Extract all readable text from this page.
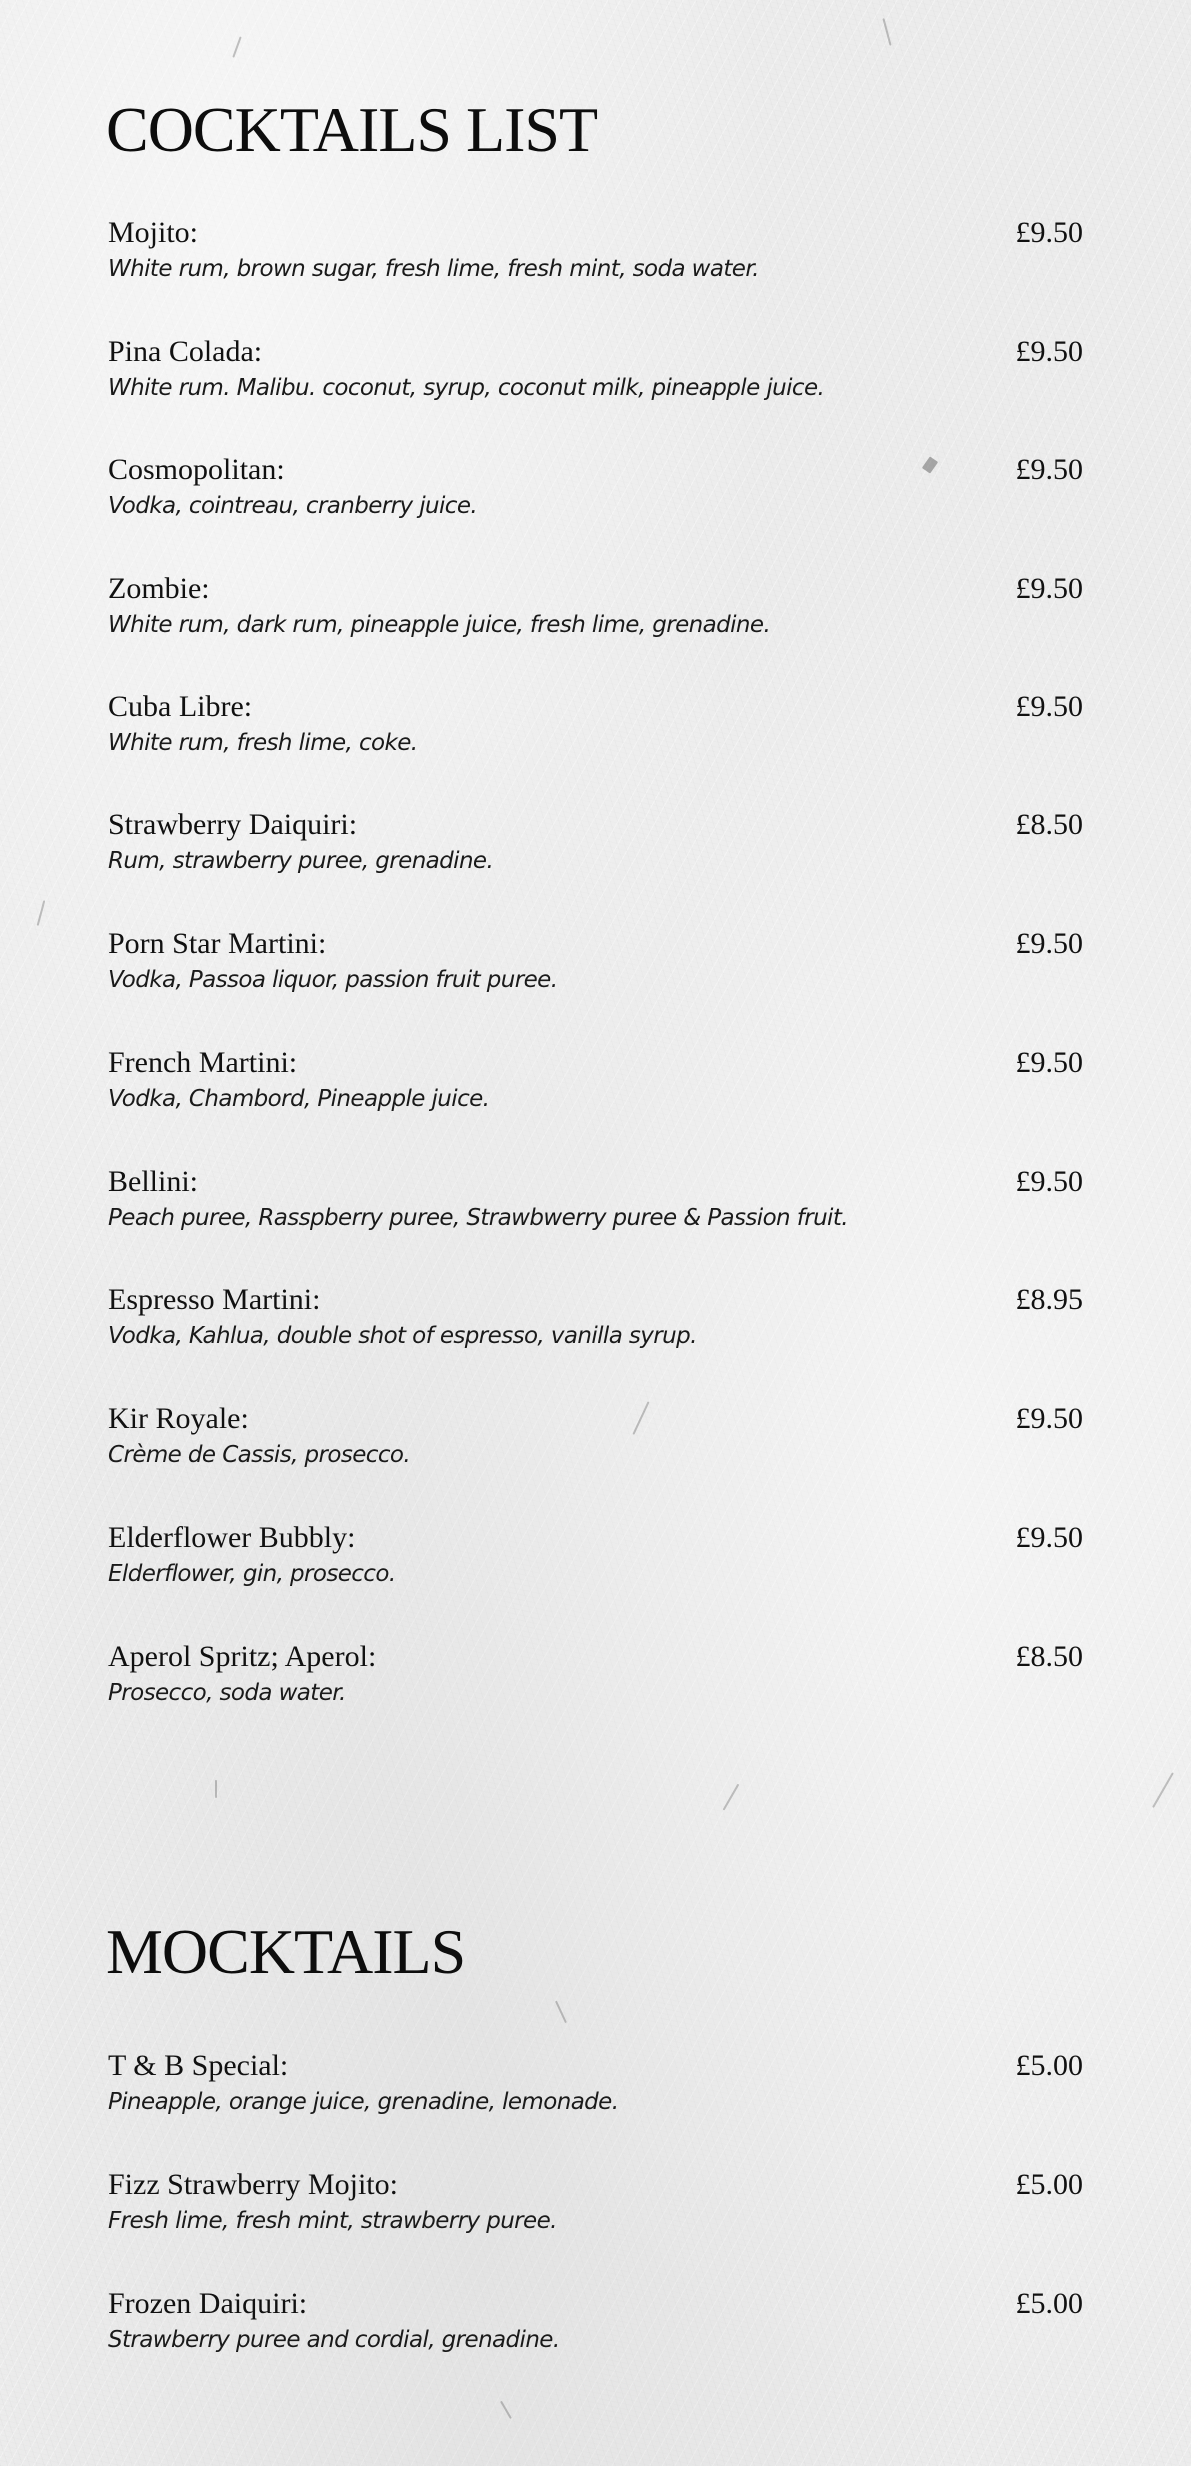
COCKTAILS LIST
Mojito:	£9.50
White rum, brown sugar, fresh lime, fresh mint, soda water.
Pina Colada:	£9.50
White rum. Malibu. coconut, syrup, coconut milk, pineapple juice.
Cosmopolitan:	£9.50
Vodka, cointreau, cranberry juice.
Zombie:	£9.50
White rum, dark rum, pineapple juice, fresh lime, grenadine.
Cuba Libre:	£9.50
White rum, fresh lime, coke.
Strawberry Daiquiri:	£8.50
Rum, strawberry puree, grenadine.
Porn Star Martini:	£9.50
Vodka, Passoa liquor, passion fruit puree.
French Martini:	£9.50
Vodka, Chambord, Pineapple juice.
Bellini:	£9.50
Peach puree, Rasspberry puree, Strawbwerry puree & Passion fruit.
Espresso Martini:	£8.95
Vodka, Kahlua, double shot of espresso, vanilla syrup.
Kir Royale:	£9.50
Crème de Cassis, prosecco.
Elderflower Bubbly:	£9.50
Elderflower, gin, prosecco.
Aperol Spritz; Aperol:	£8.50
Prosecco, soda water.
MOCKTAILS
T & B Special:	£5.00
Pineapple, orange juice, grenadine, lemonade.
Fizz Strawberry Mojito:	£5.00
Fresh lime, fresh mint, strawberry puree.
Frozen Daiquiri:	£5.00
Strawberry puree and cordial, grenadine.
